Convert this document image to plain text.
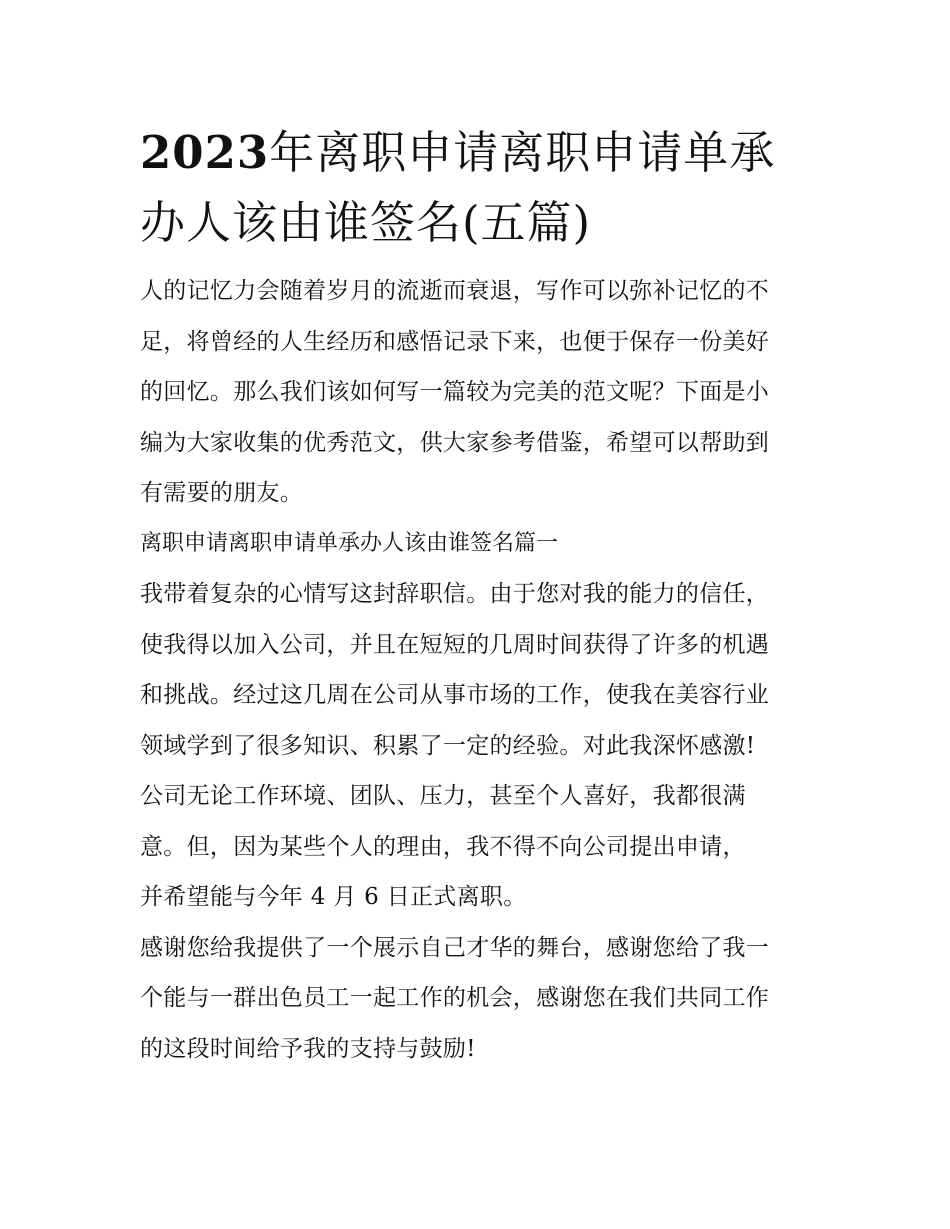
2023年离职申请离职申请单承
办人该由谁签名(五篇)

人的记忆力会随着岁月的流逝而衰退，写作可以弥补记忆的不
足，将曾经的人生经历和感悟记录下来，也便于保存一份美好
的回忆。那么我们该如何写一篇较为完美的范文呢？下面是小
编为大家收集的优秀范文，供大家参考借鉴，希望可以帮助到
有需要的朋友。

离职申请离职申请单承办人该由谁签名篇一

我带着复杂的心情写这封辞职信。由于您对我的能力的信任，
使我得以加入公司，并且在短短的几周时间获得了许多的机遇
和挑战。经过这几周在公司从事市场的工作，使我在美容行业
领域学到了很多知识、积累了一定的经验。对此我深怀感激!

公司无论工作环境、团队、压力，甚至个人喜好，我都很满
意。但，因为某些个人的理由，我不得不向公司提出申请，
并希望能与今年 4 月 6 日正式离职。

感谢您给我提供了一个展示自己才华的舞台，感谢您给了我一
个能与一群出色员工一起工作的机会，感谢您在我们共同工作
的这段时间给予我的支持与鼓励!
